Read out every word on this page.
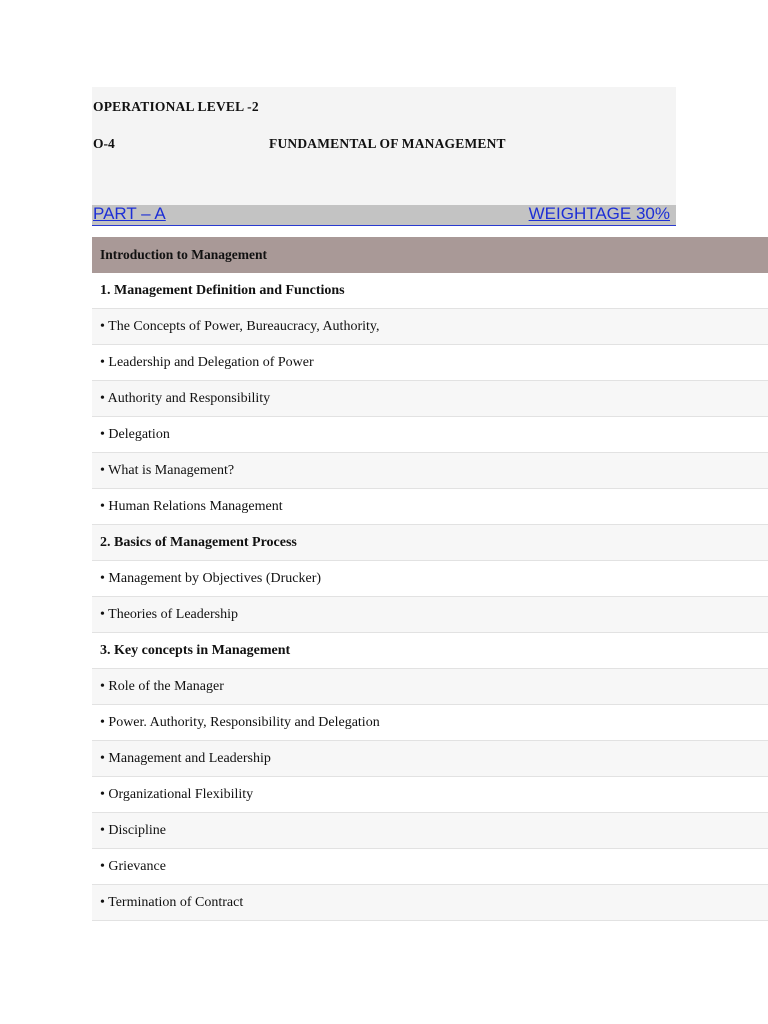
OPERATIONAL LEVEL -2
O-4	FUNDAMENTAL OF MANAGEMENT
PART – A	WEIGHTAGE 30%
Introduction to Management
1. Management Definition and Functions
• The Concepts of Power, Bureaucracy, Authority,
• Leadership and Delegation of Power
• Authority and Responsibility
• Delegation
• What is Management?
• Human Relations Management
2. Basics of Management Process
• Management by Objectives (Drucker)
• Theories of Leadership
3. Key concepts in Management
• Role of the Manager
• Power. Authority, Responsibility and Delegation
• Management and Leadership
• Organizational Flexibility
• Discipline
• Grievance
• Termination of Contract
